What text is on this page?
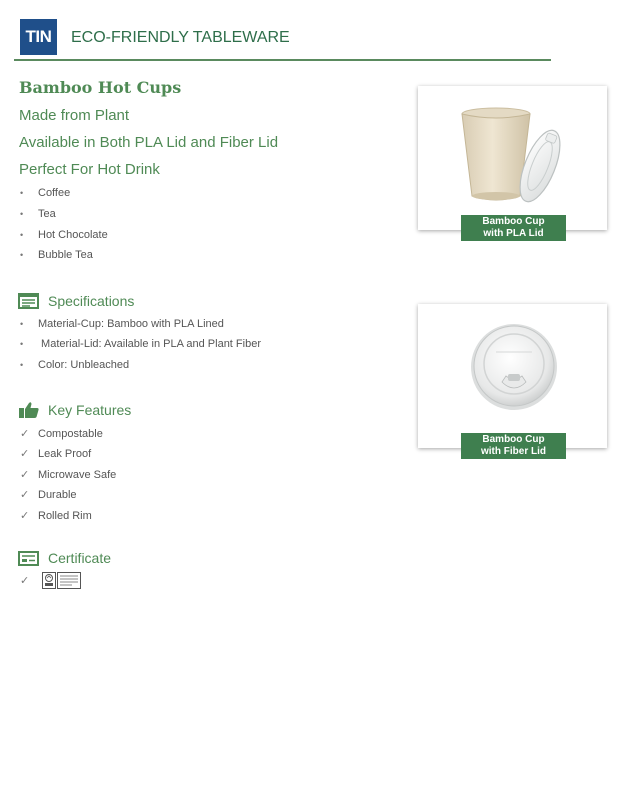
TIN ECO-FRIENDLY TABLEWARE
Bamboo Hot Cups
Made from Plant
Available in Both PLA Lid and Fiber Lid
Perfect For Hot Drink
•	Coffee
•	Tea
•	Hot Chocolate
•	Bubble Tea
Specifications
•	Material-Cup: Bamboo with PLA Lined
•	Material-Lid: Available in PLA and Plant Fiber
•	Color: Unbleached
Key Features
✓ Compostable
✓ Leak Proof
✓ Microwave Safe
✓ Durable
✓ Rolled Rim
Certificate
✓
Bamboo Cup
with PLA Lid
Bamboo Cup
with Fiber Lid
